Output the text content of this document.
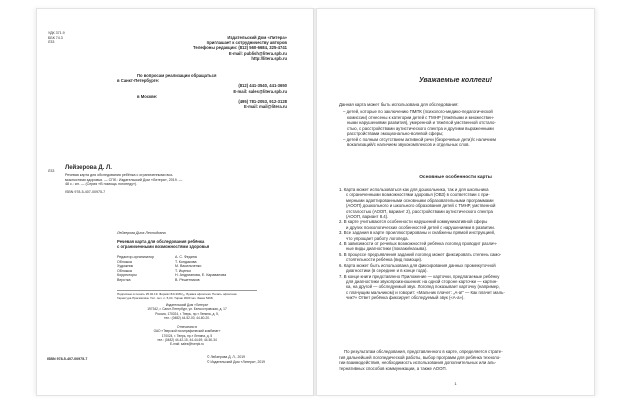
УДК 371.9
ББК 74.3
Л33
Издательский Дом «Литера»
приглашает к сотрудничеству авторов
Телефоны редакции: (812) 560-6684, 325-4741
E-mail: publish@litera.spb.ru
http://litera.spb.ru
По вопросам реализации обращаться
в Санкт-Петербурге:
(812) 441-3540, 441-3650
E-mail: sales@litera.spb.ru
в Москве:
(495) 781-2053, 912-3128
E-mail: mail@litera.ru
Л33 Лейзерова Д. Л.
Речевая карта для обследования ребёнка с ограниченными воз-
можностями здоровья. — СПб.: Издательский Дом «Литера», 2019. —
48 с.: ил. — (Серия «В помощь логопеду»).
ISBN 978-5-407-00975-7
Лейзерова Дина Леонидовна
Речевая карта для обследования ребёнка
с ограниченными возможностями здоровья
Редактор-организатор	А. С. Федина
Обложка	Т. Кондакова
Художник	М. Васильченко
Обложка	Т. Иценко
Корректоры	Н. Андрианова, Е. Караванова
Верстка	В. Решетников
Подписано в печать 25.02.19. Формат 84×108¹/₁₆. Бумага офсетная. Печать офсетная.
Гарнитура Прагматика. Усл. печ. л. 5,04. Тираж 3000 экз. Заказ 5468.
Издательский Дом «Литера»
197342, г. Санкт-Петербург, ул. Белоостровская, д. 17
Россия, 170024, г. Тверь, пр-т Ленина, д. 5,
тел.: (0482) 44-52-00, 44-60-20.
Отпечатано в
ОАО «Тверской полиграфический комбинат»
170024, г. Тверь, пр-т Ленина, д. 5
тел.: (0482) 44-42-15, 44-44-69, 44-50-34
E-mail: sales@tverpk.ru
ISBN 978-5-407-00975-7	© Лейзерова Д. Л., 2019
© Издательский Дом «Литера», 2019
Уважаемые коллеги!
Данная карта может быть использована для обследования:
– детей, которые по заключению ПМПК (психолого-медико-педагогической
комиссии) отнесены к категории детей с ТМНР (тяжёлыми и множествен-
ными нарушениями развития), умеренной и тяжёлой умственной отстало-
стью, с расстройствами аутистического спектра и другими выраженными
расстройствами эмоционально-волевой сферы;
– детей с полным отсутствием активной речи (безречевые дети)/с наличием
вокализаций/с наличием звукокомплексов и отдельных слов.
Основные особенности карты
1. Карта может использоваться как для дошкольника, так и для школьника
с ограниченными возможностями здоровья (ОВЗ) в соответствии с при-
мерными адаптированными основными образовательными программами
(АООП) дошкольного и школьного образования детей с ТМНР, умственной
отсталостью (АООП, вариант 2), расстройствами аутистического спектра
(АООП, вариант 8.4).
2. В карте учитываются особенности нарушений коммуникативной сферы
и других психологических особенностей детей с нарушениями в развитии.
3. Все задания в карте проиллюстрированы и снабжены прямой инструкцией,
что упрощает работу логопеда.
4. В зависимости от речевых возможностей ребёнка логопед проводит различ-
ные виды диагностики (показки/называ).
5. В процессе предъявления заданий логопед может фиксировать степень само-
стоятельности ребёнка (вид помощи).
6. Карта может быть использована для фиксирования данных промежуточной
диагностики (в середине и в конце года).
7. В конце книги представлено Приложение — карточки, предлагаемые ребёнку
для диагностики звукопроизношения: на одной стороне карточки — картин-
ка, на другой — обследуемый звук. Логопед показывает карточку (например,
с плачущим мальчиком) и говорит: «Мальчик плачет: „А-а!“ — Как плачет маль-
чик?» Ответ ребёнка фиксирует обследуемый звук («А-а»).
По результатам обследования, представленного в карте, определяется страте-
гия дальнейшей логопедической работы, выбор программ для ребёнка техноло-
гии взаимодействия, необходимость использования дополнительных или аль-
тернативных способов коммуникации, а также АООП.
1
